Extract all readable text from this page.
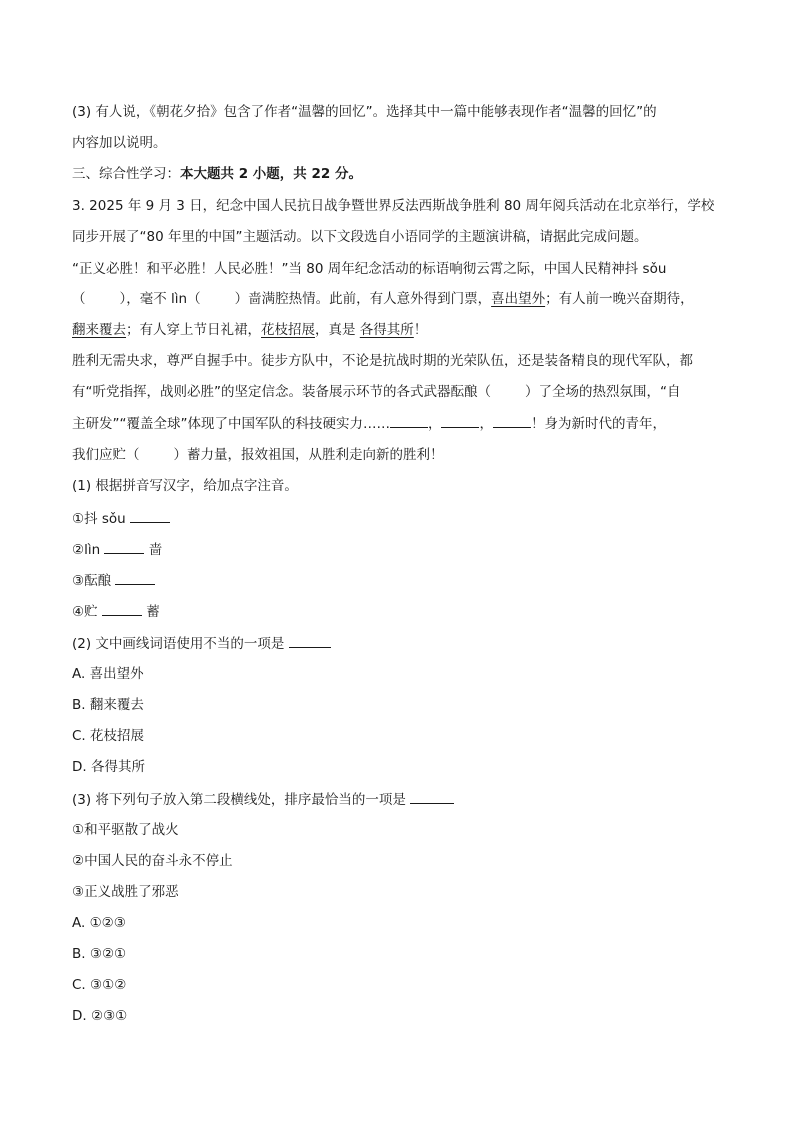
(3) 有人说，《朝花夕拾》包含了作者“温馨的回忆”。选择其中一篇中能够表现作者“温馨的回忆”的
内容加以说明。
三、综合性学习：本大题共 2 小题，共 22 分。
3. 2025 年 9 月 3 日，纪念中国人民抗日战争暨世界反法西斯战争胜利 80 周年阅兵活动在北京举行，学校
同步开展了“80 年里的中国”主题活动。以下文段选自小语同学的主题演讲稿，请据此完成问题。
“正义必胜！和平必胜！人民必胜！”当 80 周年纪念活动的标语响彻云霄之际，中国人民精神抖 sǒu
（	），毫不 lìn（	）啬满腔热情。此前，有人意外得到门票，喜出望外；有人前一晚兴奋期待，
翻来覆去；有人穿上节日礼裙，花枝招展，真是 各得其所！
胜利无需央求，尊严自握手中。徒步方队中，不论是抗战时期的光荣队伍，还是装备精良的现代军队，都
有“听党指挥，战则必胜”的坚定信念。装备展示环节的各式武器酝酿（	）了全场的热烈氛围，“自
主研发”“覆盖全球”体现了中国军队的科技硬实力……	，	，	！身为新时代的青年，
我们应贮（	）蓄力量，报效祖国，从胜利走向新的胜利！
(1) 根据拼音写汉字，给加点字注音。
①抖 sǒu
②lìn	啬
③酝酿
④贮	蓄
(2) 文中画线词语使用不当的一项是
A. 喜出望外
B. 翻来覆去
C. 花枝招展
D. 各得其所
(3) 将下列句子放入第二段横线处，排序最恰当的一项是
①和平驱散了战火
②中国人民的奋斗永不停止
③正义战胜了邪恶
A. ①②③
B. ③②①
C. ③①②
D. ②③①
